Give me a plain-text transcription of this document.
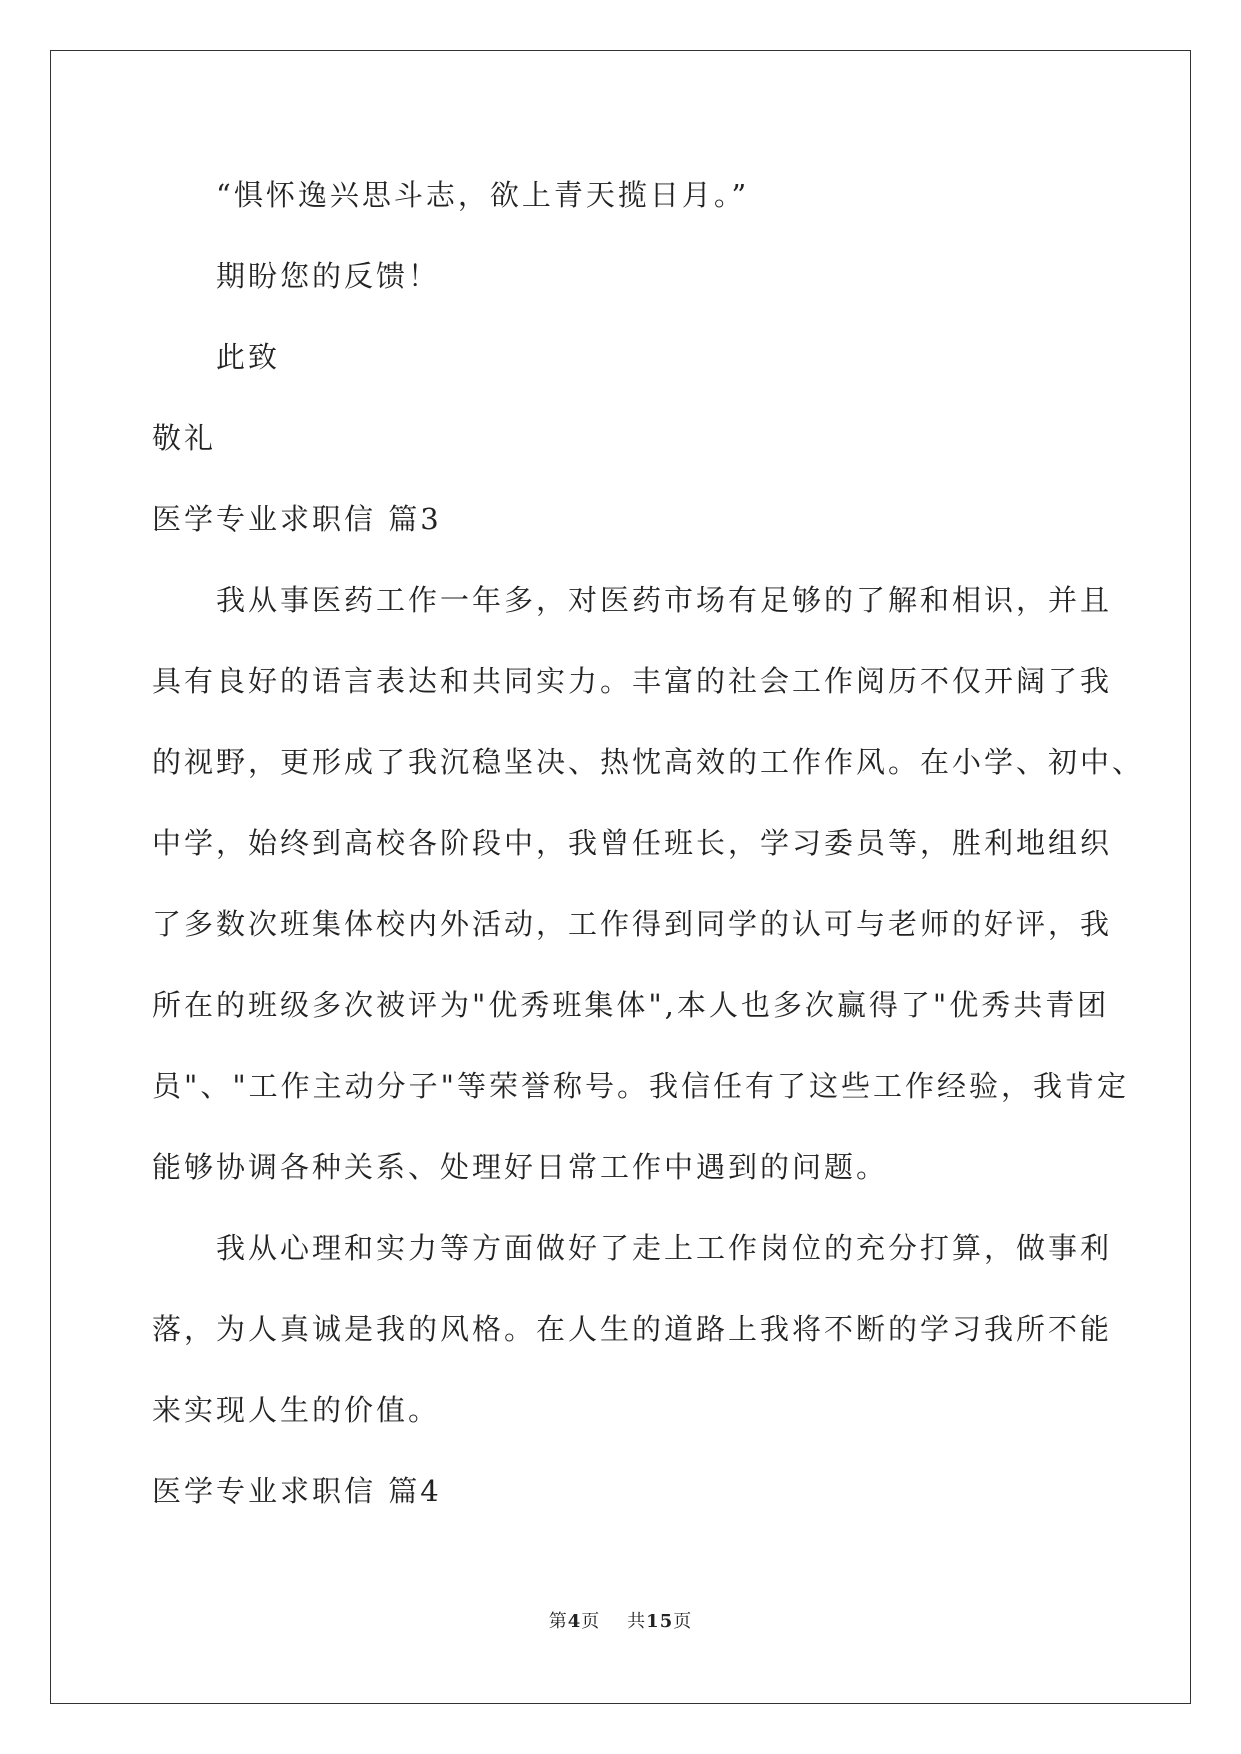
“惧怀逸兴思斗志，欲上青天揽日月。”
期盼您的反馈！
此致
敬礼
医学专业求职信 篇3
我从事医药工作一年多，对医药市场有足够的了解和相识，并且
具有良好的语言表达和共同实力。丰富的社会工作阅历不仅开阔了我
的视野，更形成了我沉稳坚决、热忱高效的工作作风。在小学、初中、
中学，始终到高校各阶段中，我曾任班长，学习委员等，胜利地组织
了多数次班集体校内外活动，工作得到同学的认可与老师的好评，我
所在的班级多次被评为"优秀班集体",本人也多次赢得了"优秀共青团
员"、"工作主动分子"等荣誉称号。我信任有了这些工作经验，我肯定
能够协调各种关系、处理好日常工作中遇到的问题。
我从心理和实力等方面做好了走上工作岗位的充分打算，做事利
落，为人真诚是我的风格。在人生的道路上我将不断的学习我所不能
来实现人生的价值。
医学专业求职信 篇4
第4页 共15页
